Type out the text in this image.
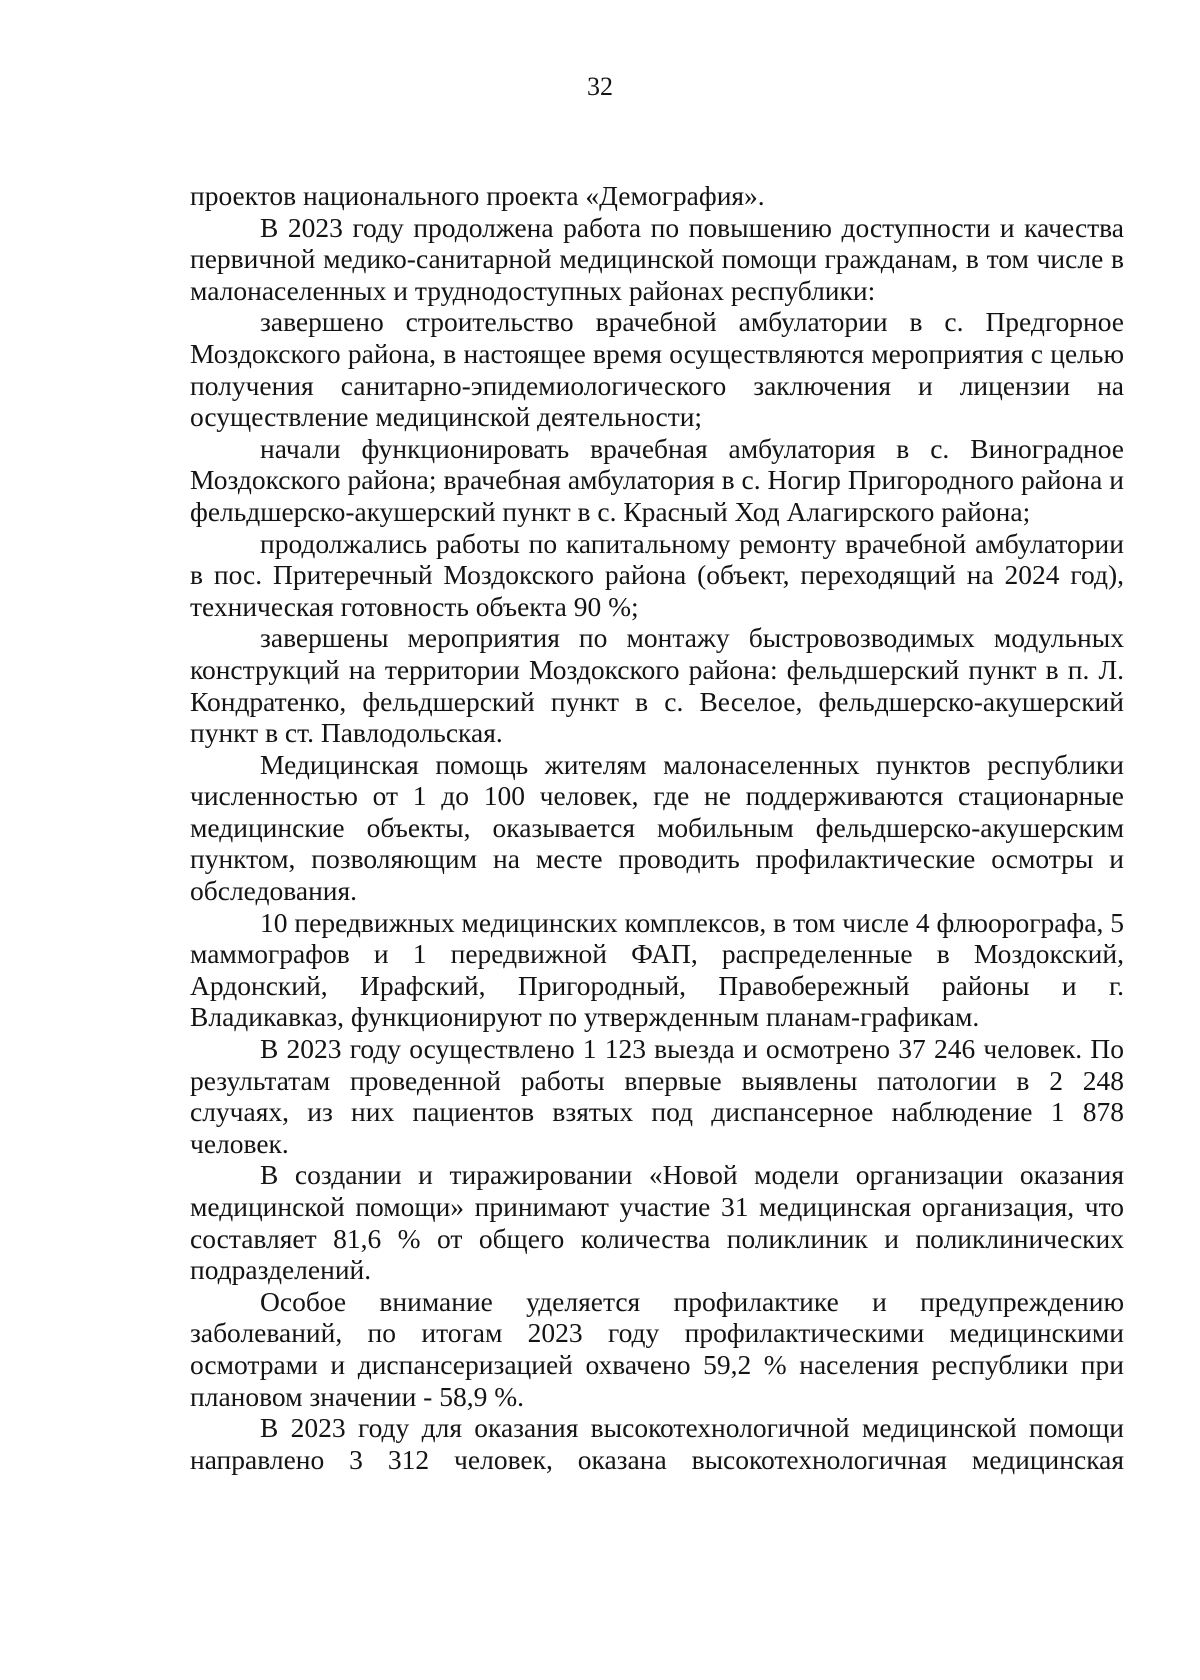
32

проектов национального проекта «Демография».

В 2023 году продолжена работа по повышению доступности и качества первичной медико-санитарной медицинской помощи гражданам, в том числе в малонаселенных и труднодоступных районах республики:

завершено строительство врачебной амбулатории в с. Предгорное Моздокского района, в настоящее время осуществляются мероприятия с целью получения санитарно-эпидемиологического заключения и лицензии на осуществление медицинской деятельности;

начали функционировать врачебная амбулатория в с. Виноградное Моздокского района; врачебная амбулатория в с. Ногир Пригородного района и фельдшерско-акушерский пункт в с. Красный Ход Алагирского района;

продолжались работы по капитальному ремонту врачебной амбулатории в пос. Притеречный Моздокского района (объект, переходящий на 2024 год), техническая готовность объекта 90 %;

завершены мероприятия по монтажу быстровозводимых модульных конструкций на территории Моздокского района: фельдшерский пункт в п. Л. Кондратенко, фельдшерский пункт в с. Веселое, фельдшерско-акушерский пункт в ст. Павлодольская.

Медицинская помощь жителям малонаселенных пунктов республики численностью от 1 до 100 человек, где не поддерживаются стационарные медицинские объекты, оказывается мобильным фельдшерско-акушерским пунктом, позволяющим на месте проводить профилактические осмотры и обследования.

10 передвижных медицинских комплексов, в том числе 4 флюорографа, 5 маммографов и 1 передвижной ФАП, распределенные в Моздокский, Ардонский, Ирафский, Пригородный, Правобережный районы и г. Владикавказ, функционируют по утвержденным планам-графикам.

В 2023 году осуществлено 1 123 выезда и осмотрено 37 246 человек. По результатам проведенной работы впервые выявлены патологии в 2 248 случаях, из них пациентов взятых под диспансерное наблюдение 1 878 человек.

В создании и тиражировании «Новой модели организации оказания медицинской помощи» принимают участие 31 медицинская организация, что составляет 81,6 % от общего количества поликлиник и поликлинических подразделений.

Особое внимание уделяется профилактике и предупреждению заболеваний, по итогам 2023 году профилактическими медицинскими осмотрами и диспансеризацией охвачено 59,2 % населения республики при плановом значении - 58,9 %.

В 2023 году для оказания высокотехнологичной медицинской помощи направлено 3 312 человек, оказана высокотехнологичная медицинская
